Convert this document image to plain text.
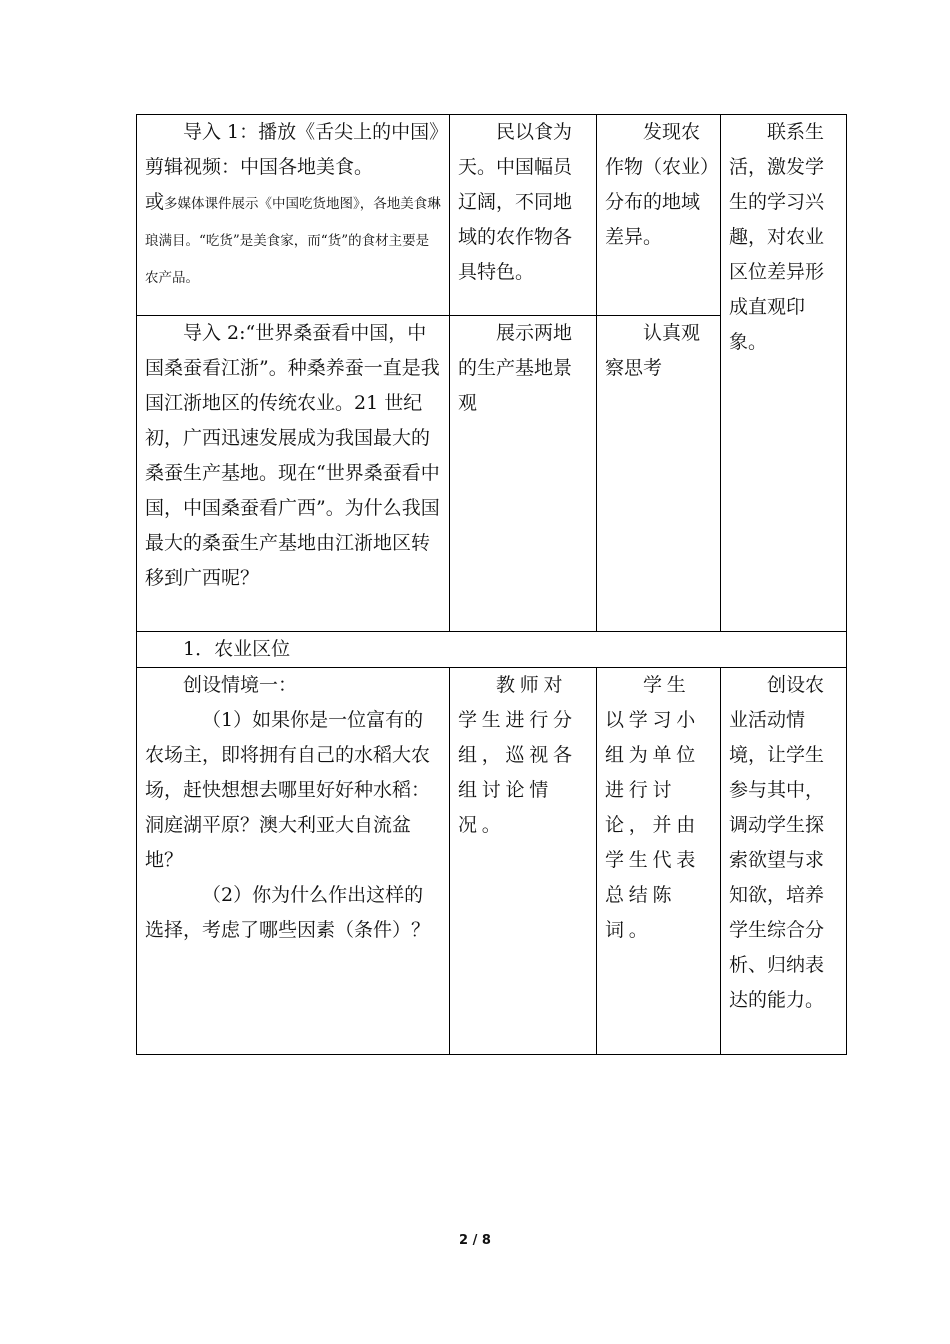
导入 1：播放《舌尖上的中国》剪辑视频：中国各地美食。

或多媒体课件展示《中国吃货地图》，各地美食琳琅满目。“吃货”是美食家，而“货”的食材主要是农产品。	民以食为天。中国幅员辽阔，不同地域的农作物各具特色。	发现农作物（农业）分布的地域差异。	联系生活，激发学生的学习兴趣，对农业区位差异形成直观印象。

导入 2:“世界桑蚕看中国，中国桑蚕看江浙”。种桑养蚕一直是我国江浙地区的传统农业。21 世纪初，广西迅速发展成为我国最大的桑蚕生产基地。现在“世界桑蚕看中国，中国桑蚕看广西”。为什么我国最大的桑蚕生产基地由江浙地区转移到广西呢？	展示两地的生产基地景观	认真观察思考	

1．农业区位			

创设情境一：

（1）如果你是一位富有的农场主，即将拥有自己的水稻大农场，赶快想想去哪里好好种水稻：洞庭湖平原？澳大利亚大自流盆地？

（2）你为什么作出这样的选择，考虑了哪些因素（条件）？	教师对学生进行分组，巡视各组讨论情况。	学生以学习小组为单位进行讨论，并由学生代表总结陈词。	创设农业活动情境，让学生参与其中，调动学生探索欲望与求知欲，培养学生综合分析、归纳表达的能力。

2 / 8
